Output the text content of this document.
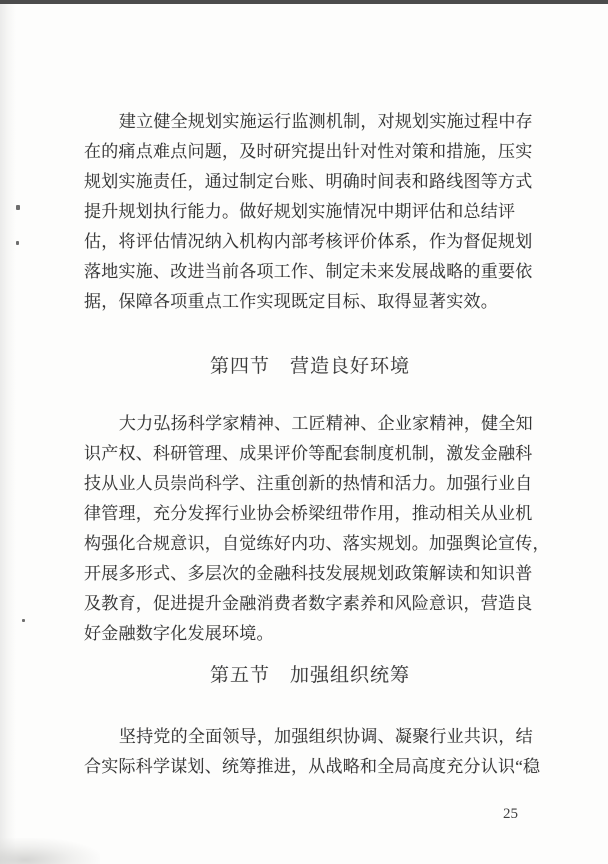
建立健全规划实施运行监测机制，对规划实施过程中存
在的痛点难点问题，及时研究提出针对性对策和措施，压实
规划实施责任，通过制定台账、明确时间表和路线图等方式
提升规划执行能力。做好规划实施情况中期评估和总结评
估，将评估情况纳入机构内部考核评价体系，作为督促规划
落地实施、改进当前各项工作、制定未来发展战略的重要依
据，保障各项重点工作实现既定目标、取得显著实效。
第四节　营造良好环境
大力弘扬科学家精神、工匠精神、企业家精神，健全知
识产权、科研管理、成果评价等配套制度机制，激发金融科
技从业人员崇尚科学、注重创新的热情和活力。加强行业自
律管理，充分发挥行业协会桥梁纽带作用，推动相关从业机
构强化合规意识，自觉练好内功、落实规划。加强舆论宣传，
开展多形式、多层次的金融科技发展规划政策解读和知识普
及教育，促进提升金融消费者数字素养和风险意识，营造良
好金融数字化发展环境。
第五节　加强组织统筹
坚持党的全面领导，加强组织协调、凝聚行业共识，结
合实际科学谋划、统筹推进，从战略和全局高度充分认识“稳
25
